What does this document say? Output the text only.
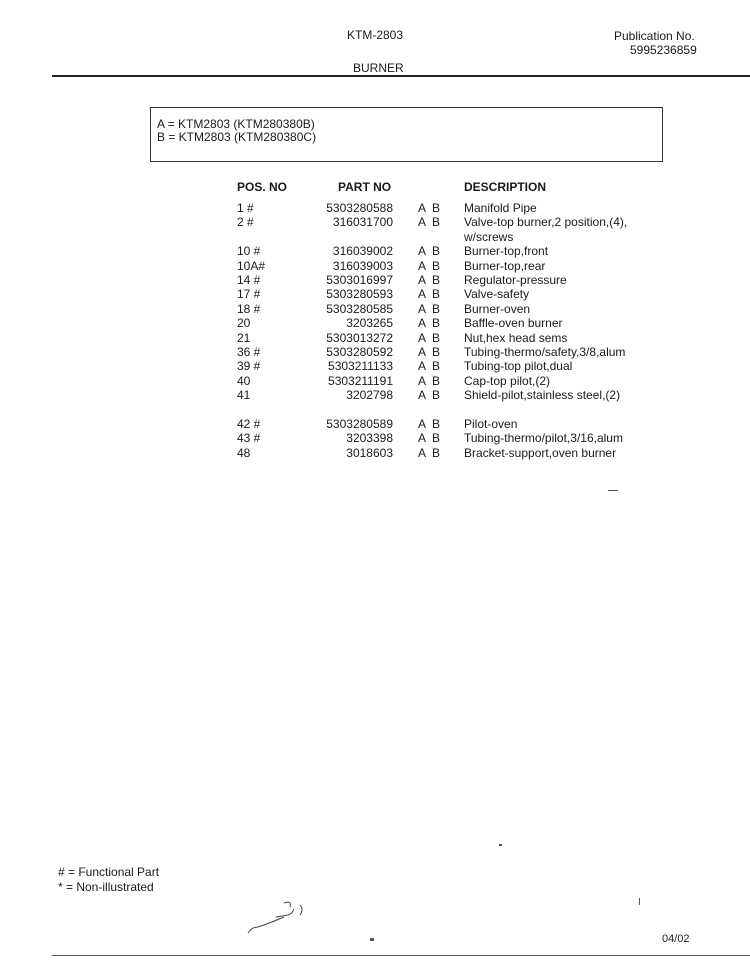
KTM-2803	Publication No.
5995236859
BURNER
A = KTM2803 (KTM280380B)
B = KTM2803 (KTM280380C)
POS. NO	PART NO	DESCRIPTION
1 #	5303280588 A B Manifold Pipe
2 #	316031700 A B Valve-top burner,2 position,(4), w/screws
10 #	316039002 A B Burner-top,front
10A#	316039003 A B Burner-top,rear
14 #	5303016997 A B Regulator-pressure
17 #	5303280593 A B Valve-safety
18 #	5303280585 A B Burner-oven
20	3203265 A B Baffle-oven burner
21	5303013272 A B Nut,hex head sems
36 #	5303280592 A B Tubing-thermo/safety,3/8,alum
39 #	5303211133 A B Tubing-top pilot,dual
40	5303211191 A B Cap-top pilot,(2)
41	3202798 A B Shield-pilot,stainless steel,(2)
42 #	5303280589 A B Pilot-oven
43 #	3203398 A B Tubing-thermo/pilot,3/16,alum
48	3018603 A B Bracket-support,oven burner
# = Functional Part
* = Non-illustrated
04/02
